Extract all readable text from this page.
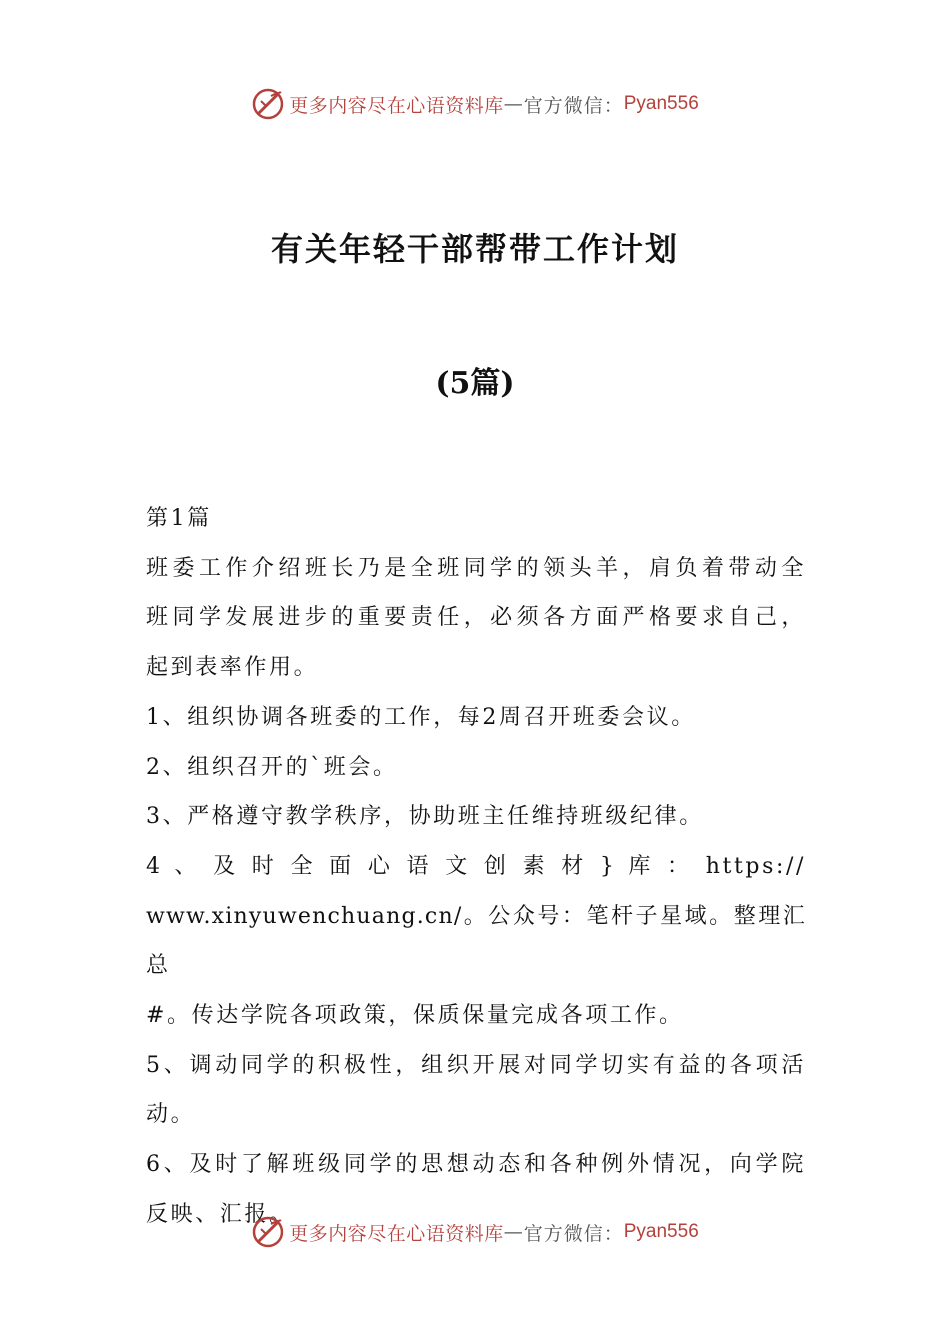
更多内容尽在心语资料库 — 官方微信： Pyan556
有关年轻干部帮带工作计划
(5篇)

第1篇

班委工作介绍班长乃是全班同学的领头羊，肩负着带动全

班同学发展进步的重要责任，必须各方面严格要求自己，

起到表率作用。

1、组织协调各班委的工作，每2周召开班委会议。

2、组织召开的`班会。

3、严格遵守教学秩序，协助班主任维持班级纪律。

4 、 及 时 全 面 心 语 文 创 素 材 } 库 ： https://

www.xinyuwenchuang.cn/。公众号：笔杆子星域。整理汇总

#。传达学院各项政策，保质保量完成各项工作。

5、调动同学的积极性，组织开展对同学切实有益的各项活

动。

6、及时了解班级同学的思想动态和各种例外情况，向学院

反映、汇报。

更多内容尽在心语资料库 — 官方微信： Pyan556
